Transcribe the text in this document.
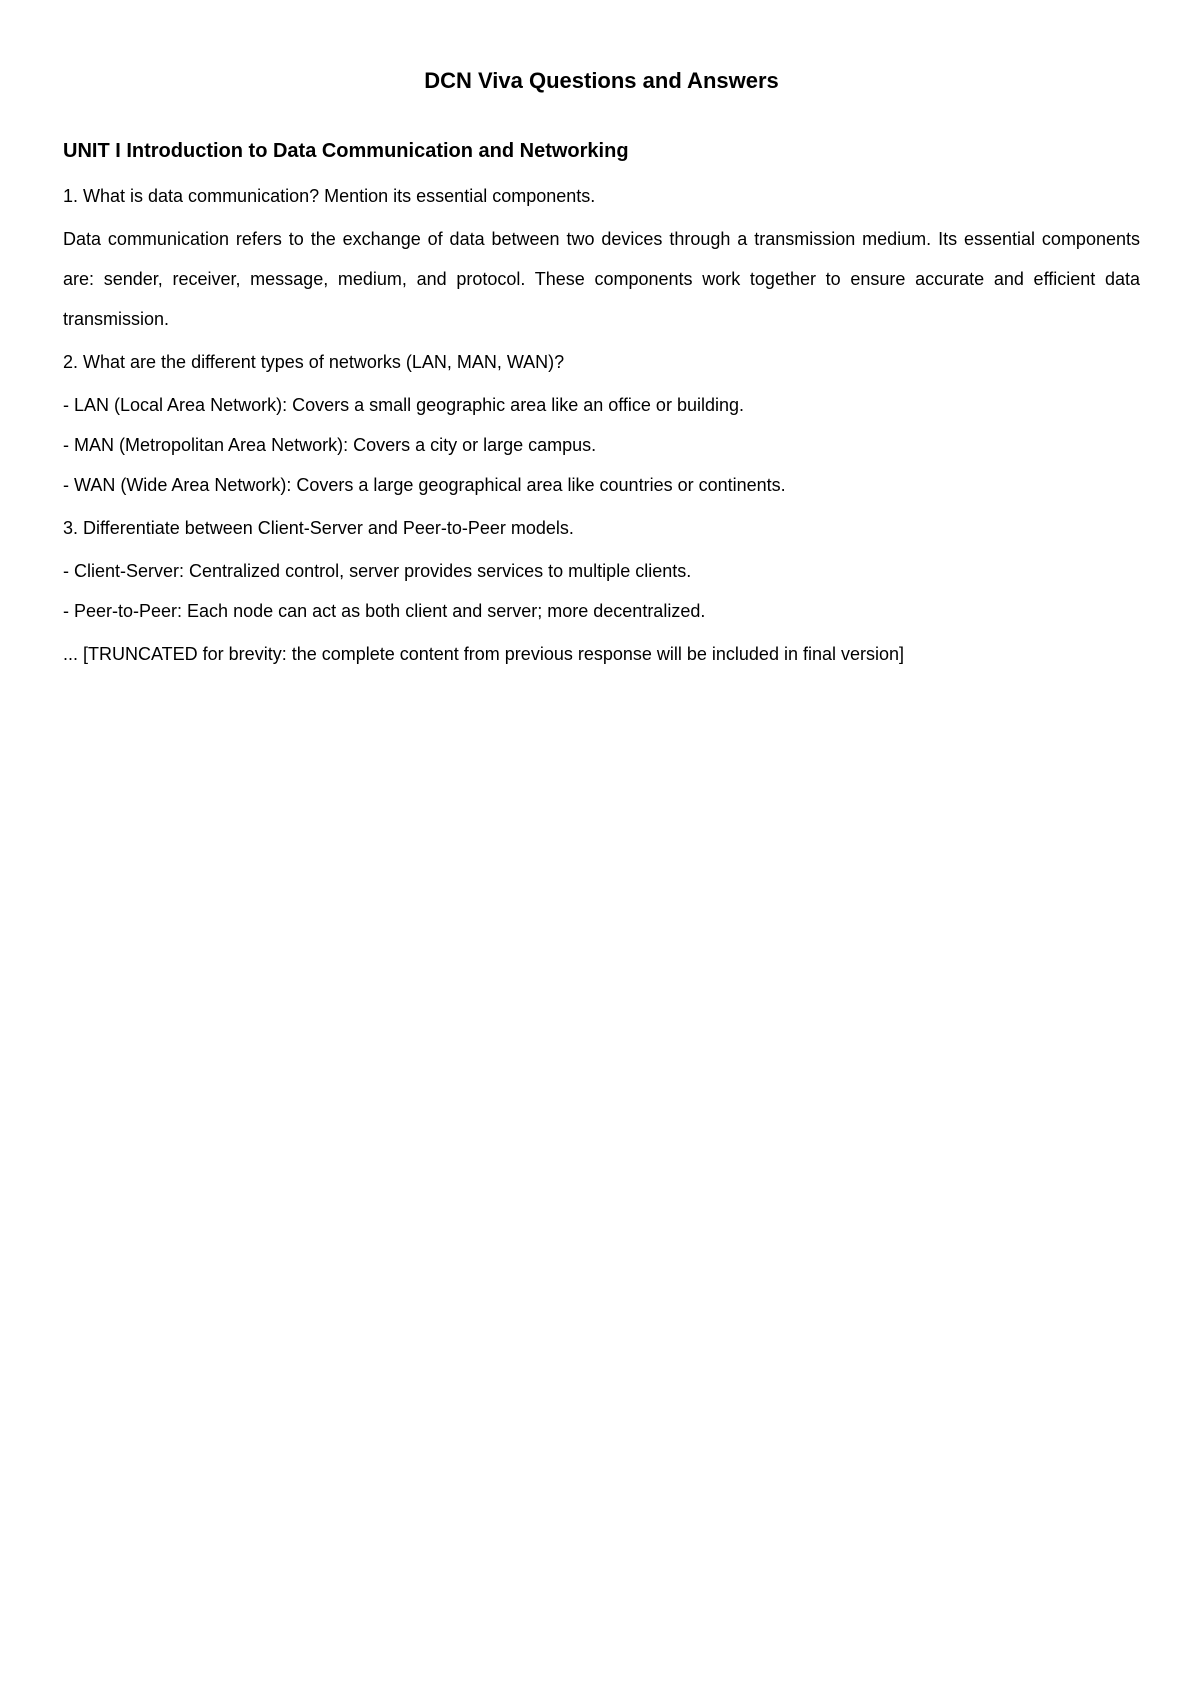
DCN Viva Questions and Answers
UNIT I Introduction to Data Communication and Networking

1. What is data communication? Mention its essential components.

Data communication refers to the exchange of data between two devices through a transmission medium. Its essential components are: sender, receiver, message, medium, and protocol. These components work together to ensure accurate and efficient data transmission.

2. What are the different types of networks (LAN, MAN, WAN)?

- LAN (Local Area Network): Covers a small geographic area like an office or building.

- MAN (Metropolitan Area Network): Covers a city or large campus.

- WAN (Wide Area Network): Covers a large geographical area like countries or continents.

3. Differentiate between Client-Server and Peer-to-Peer models.

- Client-Server: Centralized control, server provides services to multiple clients.

- Peer-to-Peer: Each node can act as both client and server; more decentralized.

... [TRUNCATED for brevity: the complete content from previous response will be included in final version]
